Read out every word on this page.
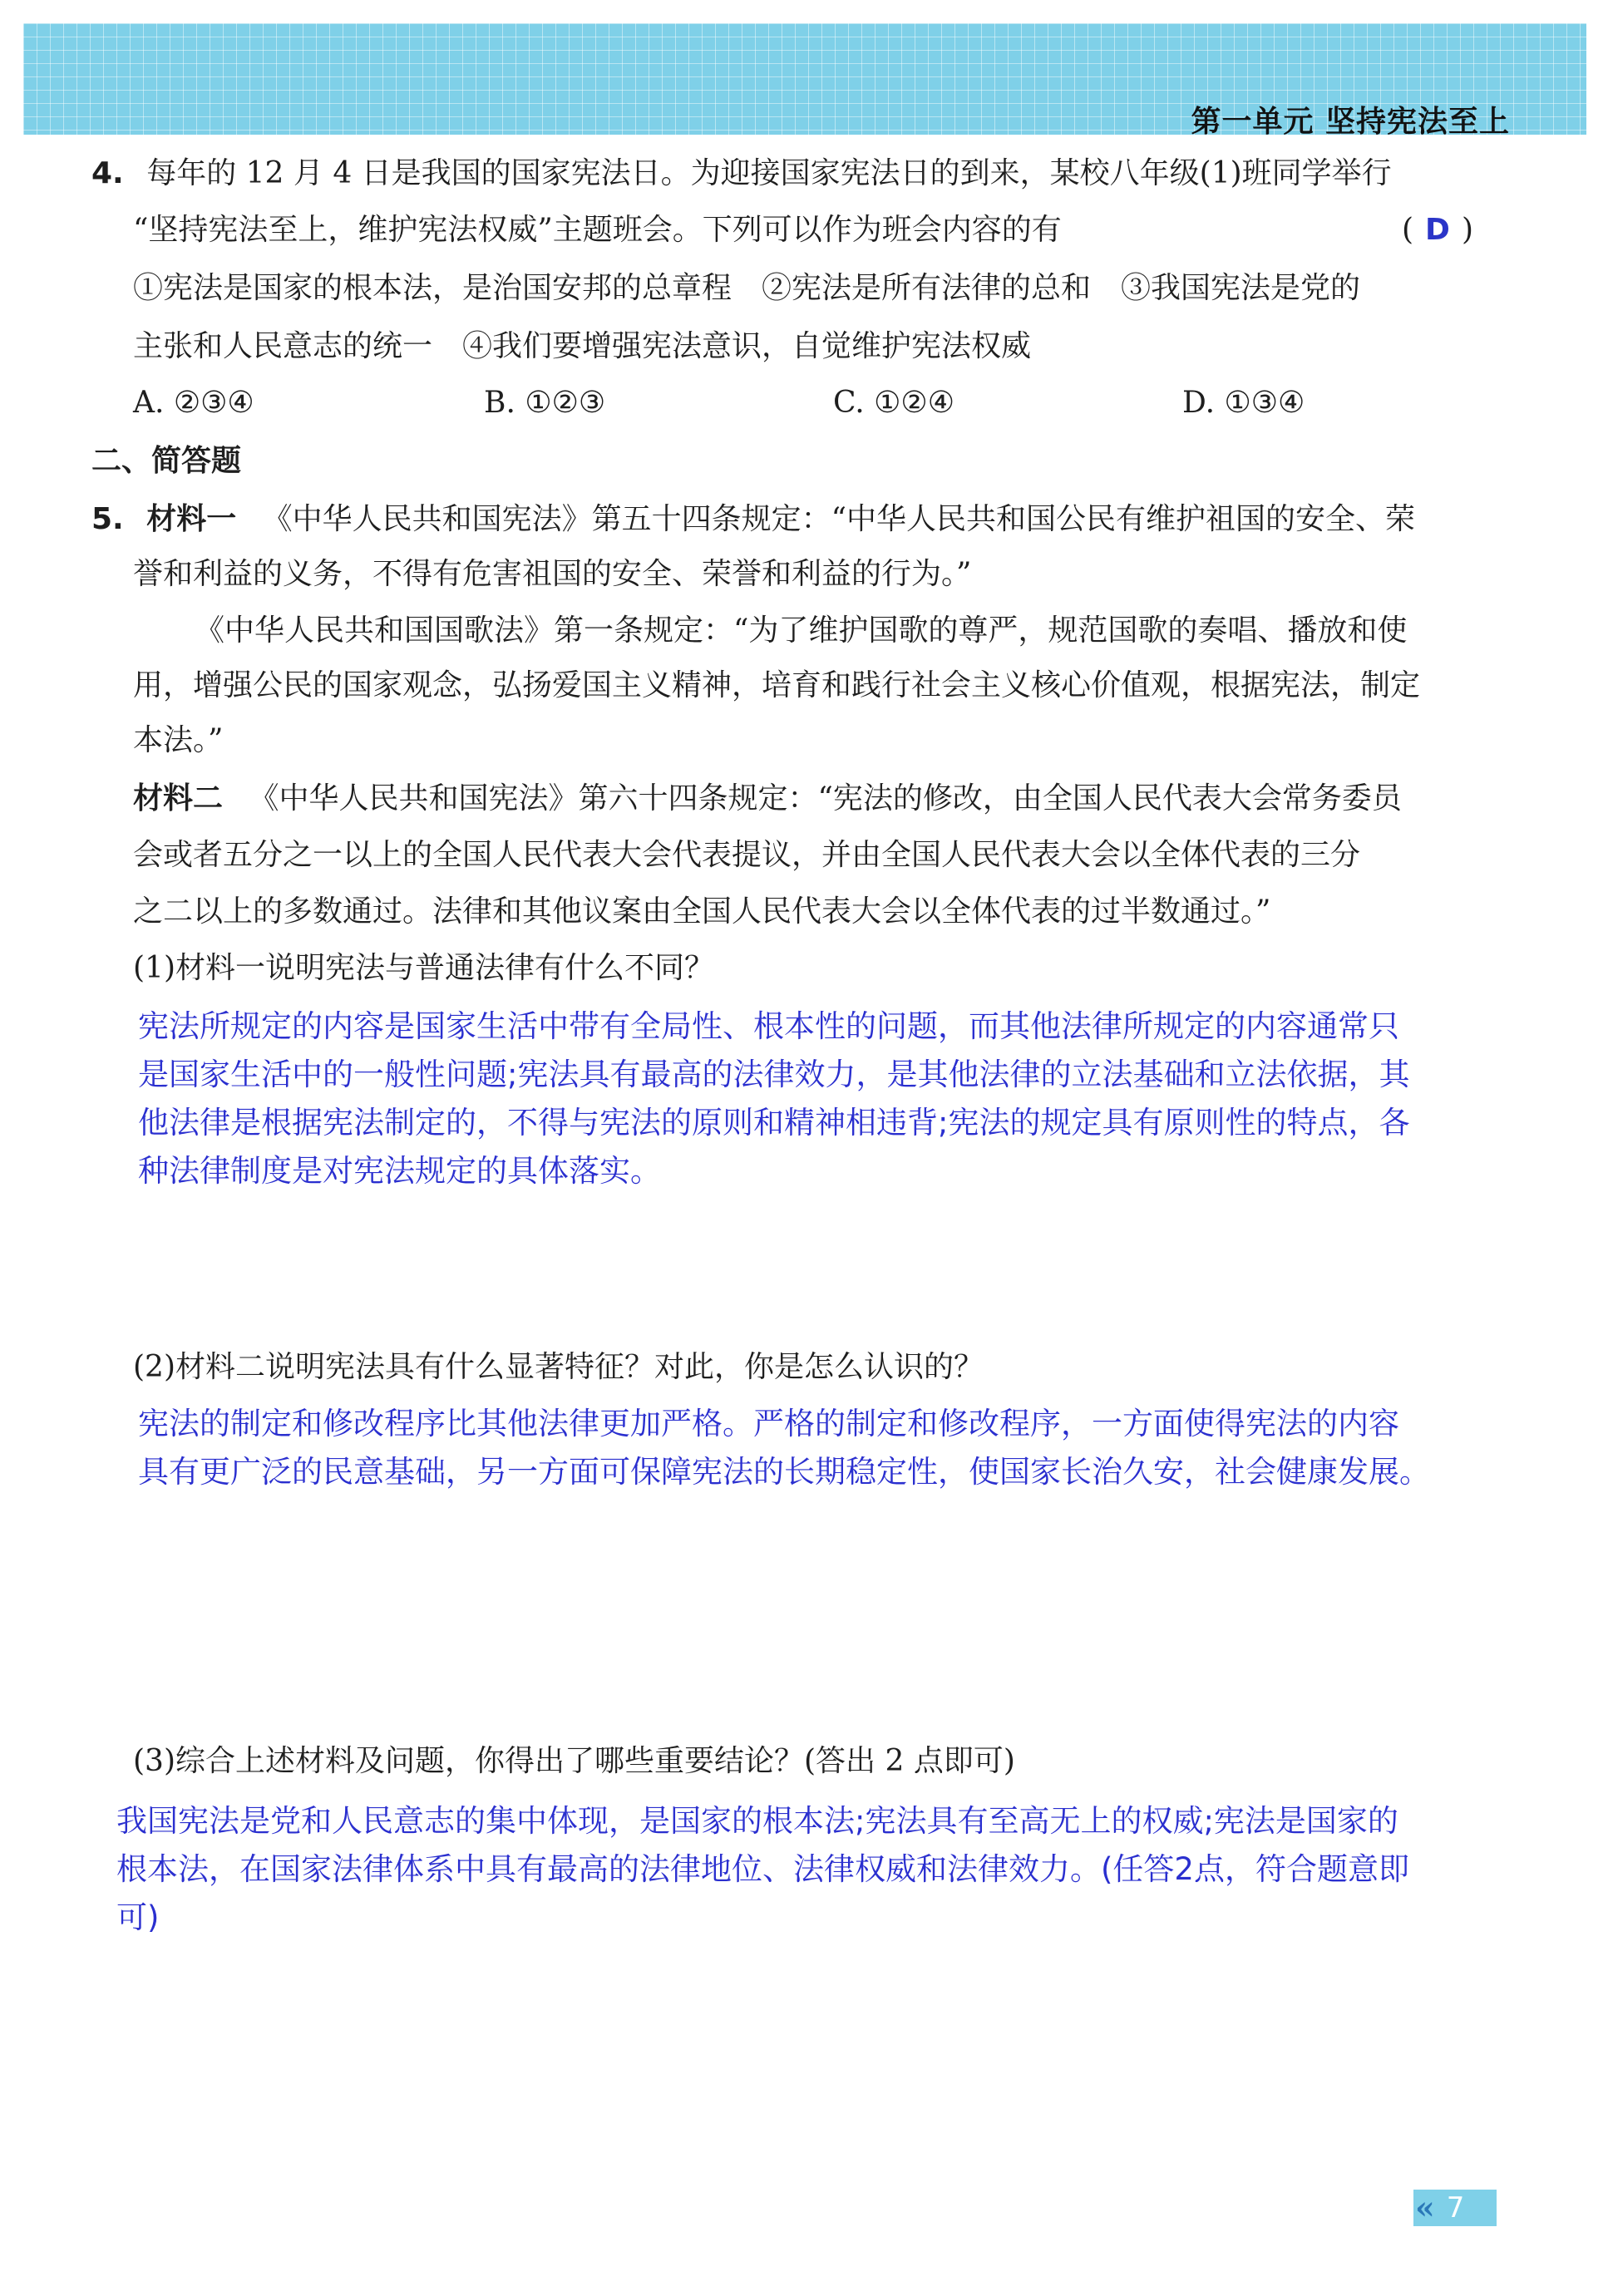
第一单元 坚持宪法至上
4. 每年的 12 月 4 日是我国的国家宪法日。为迎接国家宪法日的到来，某校八年级(1)班同学举行
“坚持宪法至上，维护宪法权威”主题班会。下列可以作为班会内容的有	( D )
①宪法是国家的根本法，是治国安邦的总章程　②宪法是所有法律的总和　③我国宪法是党的
主张和人民意志的统一　④我们要增强宪法意识，自觉维护宪法权威
A. ②③④	B. ①②③	C. ①②④	D. ①③④
二、简答题
5. 材料一 《中华人民共和国宪法》第五十四条规定：“中华人民共和国公民有维护祖国的安全、荣
誉和利益的义务，不得有危害祖国的安全、荣誉和利益的行为。”
《中华人民共和国国歌法》第一条规定：“为了维护国歌的尊严，规范国歌的奏唱、播放和使
用，增强公民的国家观念，弘扬爱国主义精神，培育和践行社会主义核心价值观，根据宪法，制定
本法。”
材料二 《中华人民共和国宪法》第六十四条规定：“宪法的修改，由全国人民代表大会常务委员
会或者五分之一以上的全国人民代表大会代表提议，并由全国人民代表大会以全体代表的三分
之二以上的多数通过。法律和其他议案由全国人民代表大会以全体代表的过半数通过。”
(1)材料一说明宪法与普通法律有什么不同？
宪法所规定的内容是国家生活中带有全局性、根本性的问题，而其他法律所规定的内容通常只
是国家生活中的一般性问题;宪法具有最高的法律效力，是其他法律的立法基础和立法依据，其
他法律是根据宪法制定的，不得与宪法的原则和精神相违背;宪法的规定具有原则性的特点，各
种法律制度是对宪法规定的具体落实。
(2)材料二说明宪法具有什么显著特征？对此，你是怎么认识的？
宪法的制定和修改程序比其他法律更加严格。严格的制定和修改程序，一方面使得宪法的内容
具有更广泛的民意基础，另一方面可保障宪法的长期稳定性，使国家长治久安，社会健康发展。
(3)综合上述材料及问题，你得出了哪些重要结论？(答出 2 点即可)
我国宪法是党和人民意志的集中体现，是国家的根本法;宪法具有至高无上的权威;宪法是国家的
根本法，在国家法律体系中具有最高的法律地位、法律权威和法律效力。(任答2点，符合题意即
可)
« 7
